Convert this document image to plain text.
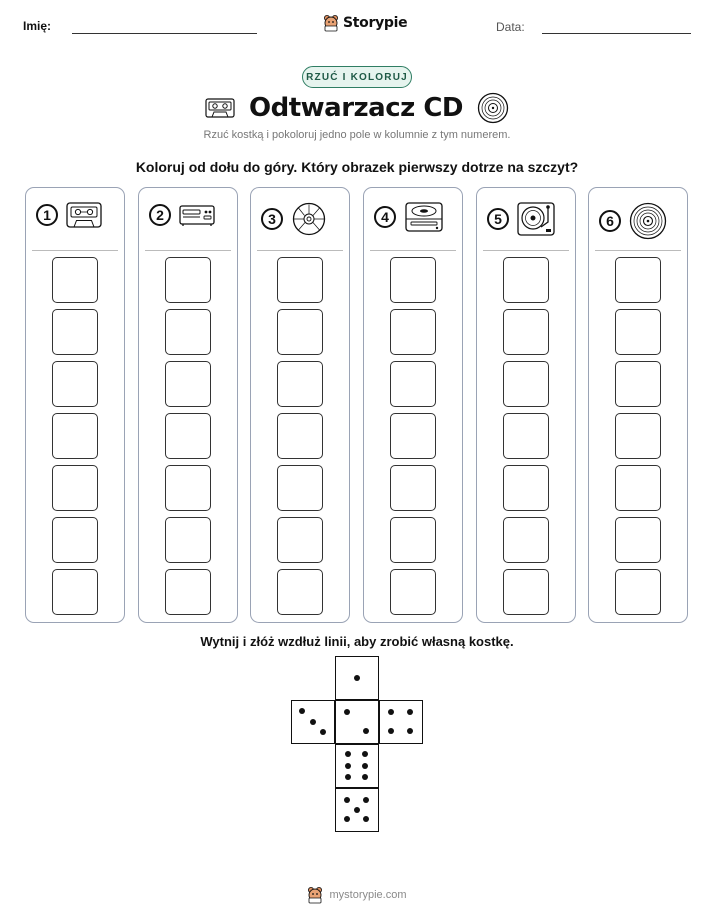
Imię:	Storypie	Data:
RZUĆ I KOLORUJ
Odtwarzacz CD
Rzuć kostką i pokoloruj jedno pole w kolumnie z tym numerem.
Koloruj od dołu do góry. Który obrazek pierwszy dotrze na szczyt?
1	2	3	4	5	6
Wytnij i złóż wzdłuż linii, aby zrobić własną kostkę.
mystorypie.com
